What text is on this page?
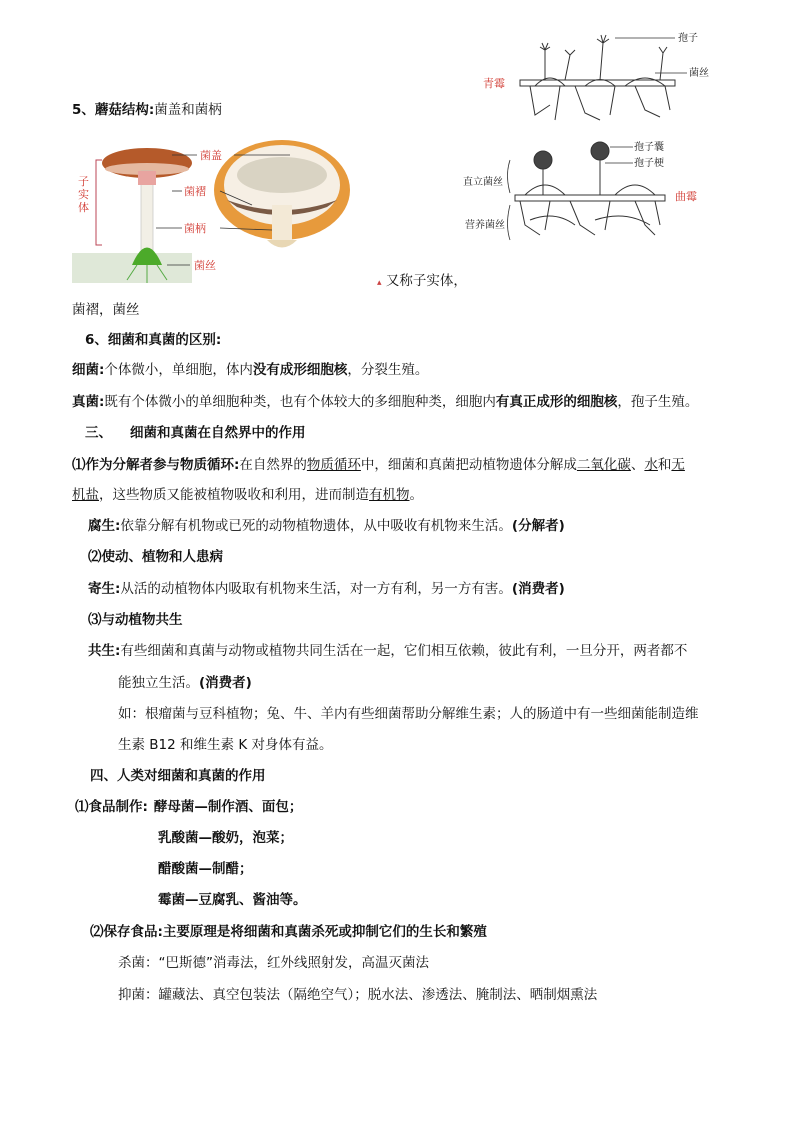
青霉
孢子
菌丝
孢子囊
孢子梗
直立菌丝
曲霉
营养菌丝
5、蘑菇结构:菌盖和菌柄
子
实
体
菌盖
菌褶
菌柄
菌丝
▴ 又称子实体，
菌褶，菌丝
6、细菌和真菌的区别:
细菌:个体微小，单细胞，体内没有成形细胞核，分裂生殖。
真菌:既有个体微小的单细胞种类，也有个体较大的多细胞种类，细胞内有真正成形的细胞核，孢子生殖。
三、 细菌和真菌在自然界中的作用
⑴作为分解者参与物质循环:在自然界的物质循环中，细菌和真菌把动植物遗体分解成二氧化碳、水和无
机盐，这些物质又能被植物吸收和利用，进而制造有机物。
腐生:依靠分解有机物或已死的动物植物遗体，从中吸收有机物来生活。(分解者)
⑵使动、植物和人患病
寄生:从活的动植物体内吸取有机物来生活，对一方有利，另一方有害。(消费者)
⑶与动植物共生
共生:有些细菌和真菌与动物或植物共同生活在一起，它们相互依赖，彼此有利，一旦分开，两者都不
能独立生活。(消费者)
如：根瘤菌与豆科植物；兔、牛、羊内有些细菌帮助分解维生素；人的肠道中有一些细菌能制造维
生素 B12 和维生素 K 对身体有益。
四、人类对细菌和真菌的作用
⑴食品制作: 酵母菌—制作酒、面包；
乳酸菌—酸奶，泡菜；
醋酸菌—制醋；
霉菌—豆腐乳、酱油等。
⑵保存食品:主要原理是将细菌和真菌杀死或抑制它们的生长和繁殖
杀菌：“巴斯德”消毒法，红外线照射发，高温灭菌法
抑菌：罐藏法、真空包装法（隔绝空气）；脱水法、渗透法、腌制法、晒制烟熏法
